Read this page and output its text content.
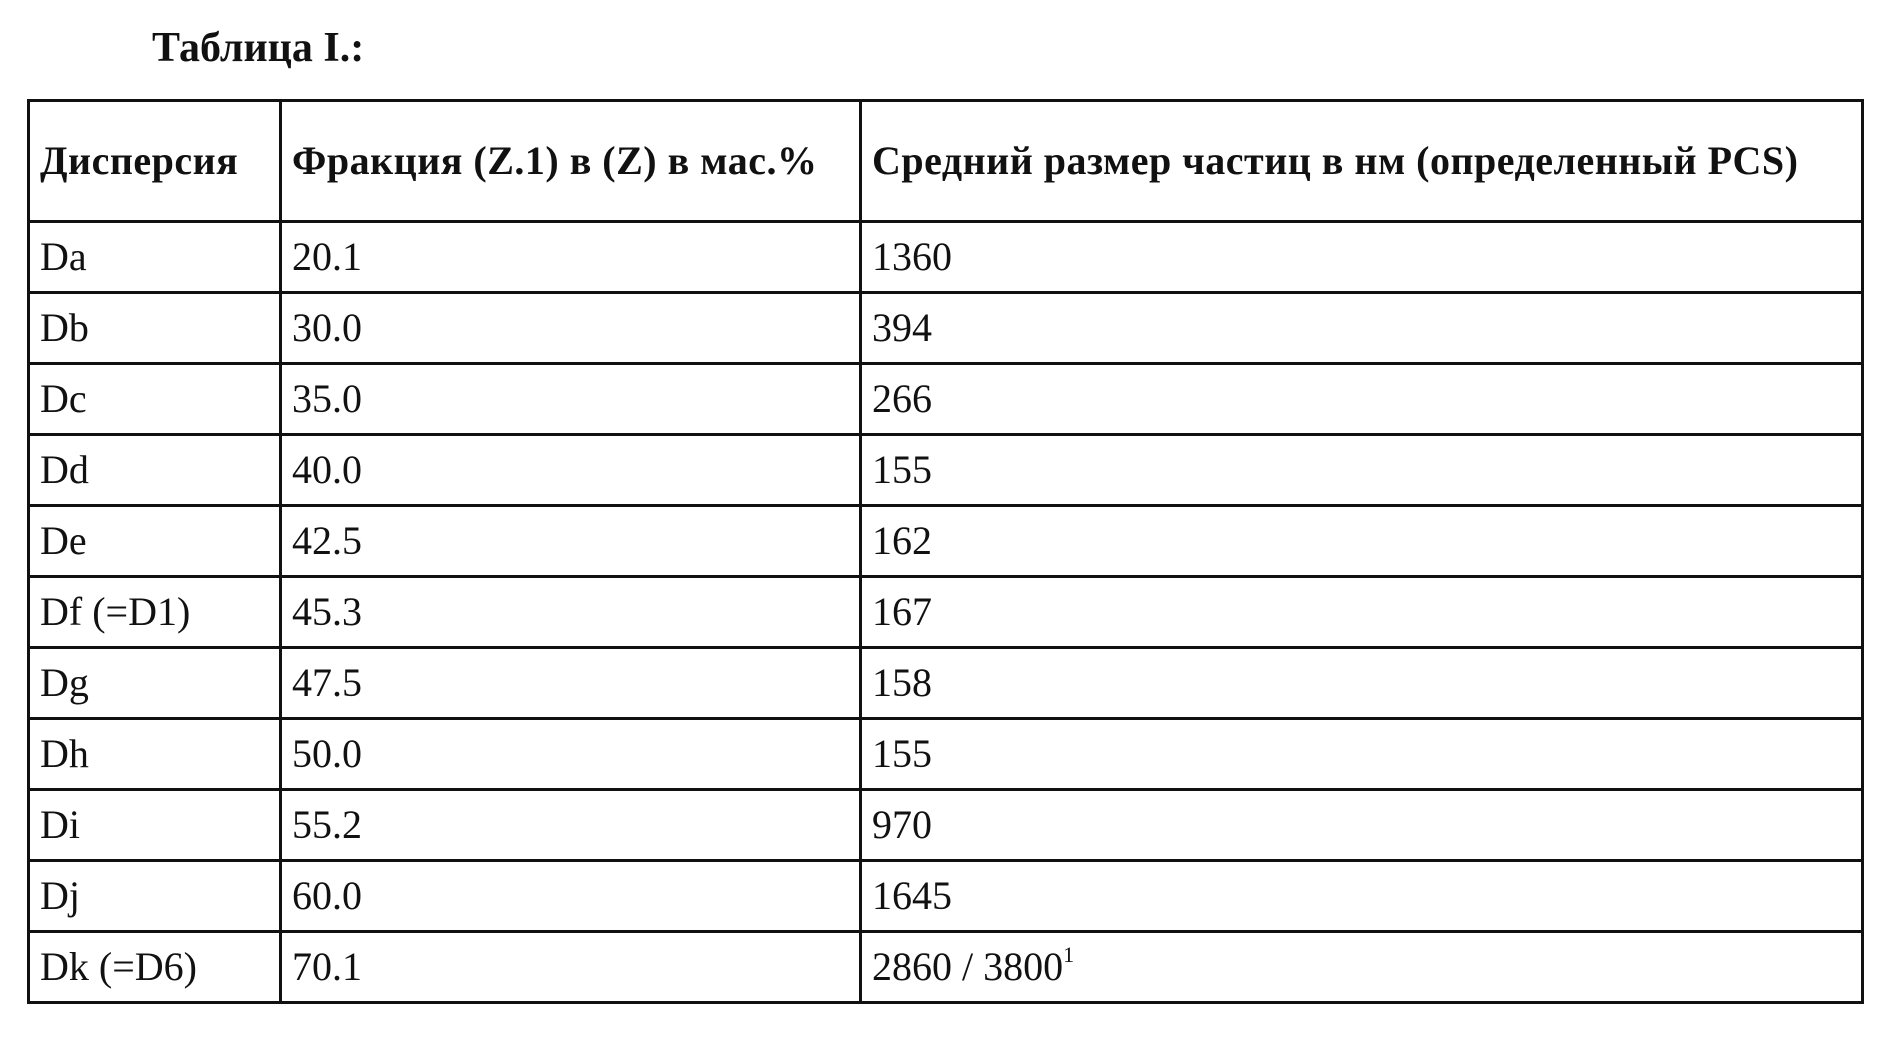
Таблица I.:
Дисперсия	Фракция (Z.1) в (Z) в мас.%	Средний размер частиц в нм (определенный PCS)
Da	20.1	1360
Db	30.0	394
Dc	35.0	266
Dd	40.0	155
De	42.5	162
Df (=D1)	45.3	167
Dg	47.5	158
Dh	50.0	155
Di	55.2	970
Dj	60.0	1645
Dk (=D6)	70.1	2860 / 3800$^1$
